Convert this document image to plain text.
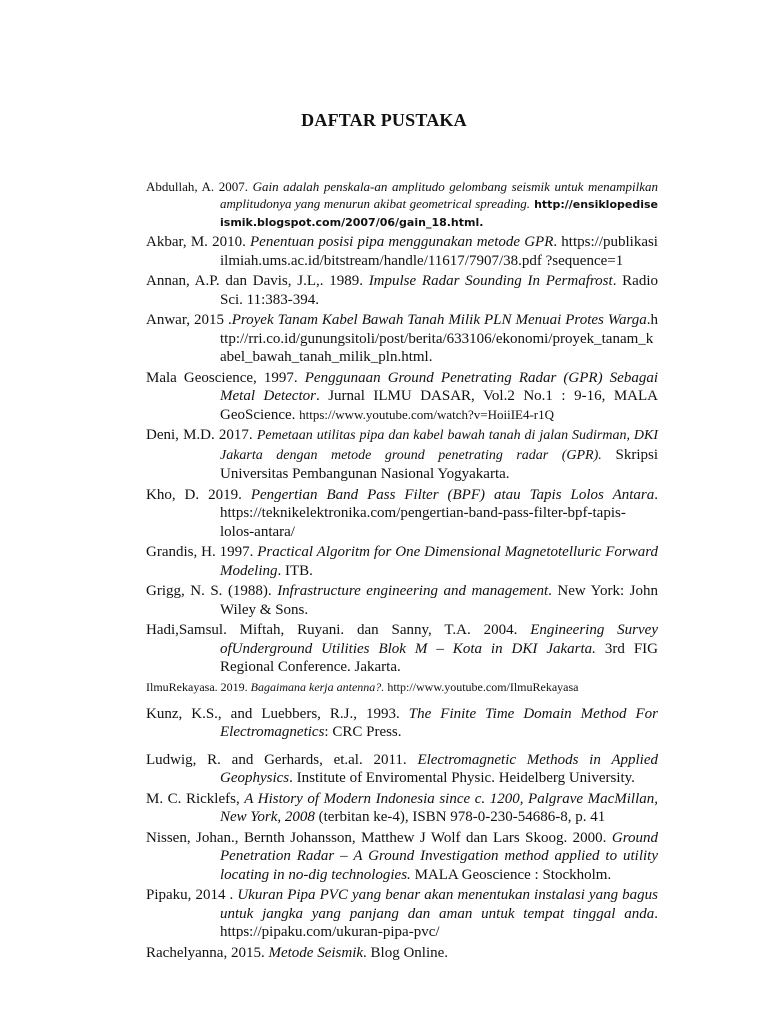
DAFTAR PUSTAKA

Abdullah, A. 2007. Gain adalah penskala-an amplitudo gelombang seismik untuk menampilkan amplitudonya yang menurun akibat geometrical spreading. http://ensiklopediseismik.blogspot.com/2007/06/gain_18.html.

Akbar, M. 2010. Penentuan posisi pipa menggunakan metode GPR. https://publikasiilmiah.ums.ac.id/bitstream/handle/11617/7907/38.pdf ?sequence=1

Annan, A.P. dan Davis, J.L,. 1989. Impulse Radar Sounding In Permafrost. Radio Sci. 11:383-394.

Anwar, 2015 .Proyek Tanam Kabel Bawah Tanah Milik PLN Menuai Protes Warga.http://rri.co.id/gunungsitoli/post/berita/633106/ekonomi/proyek_tanam_kabel_bawah_tanah_milik_pln.html.

Mala Geoscience, 1997. Penggunaan Ground Penetrating Radar (GPR) Sebagai Metal Detector. Jurnal ILMU DASAR, Vol.2 No.1 : 9-16, MALA GeoScience. https://www.youtube.com/watch?v=HoiiIE4-r1Q

Deni, M.D. 2017. Pemetaan utilitas pipa dan kabel bawah tanah di jalan Sudirman, DKI Jakarta dengan metode ground penetrating radar (GPR). Skripsi Universitas Pembangunan Nasional Yogyakarta.

Kho, D. 2019. Pengertian Band Pass Filter (BPF) atau Tapis Lolos Antara. https://teknikelektronika.com/pengertian-band-pass-filter-bpf-tapis-lolos-antara/

Grandis, H. 1997. Practical Algoritm for One Dimensional Magnetotelluric Forward Modeling. ITB.

Grigg, N. S. (1988). Infrastructure engineering and management. New York: John Wiley & Sons.

Hadi,Samsul. Miftah, Ruyani. dan Sanny, T.A. 2004. Engineering Survey ofUnderground Utilities Blok M – Kota in DKI Jakarta. 3rd FIG Regional Conference. Jakarta.

IlmuRekayasa. 2019. Bagaimana kerja antenna?. http://www.youtube.com/IlmuRekayasa

Kunz, K.S., and Luebbers, R.J., 1993. The Finite Time Domain Method For Electromagnetics: CRC Press.

Ludwig, R. and Gerhards, et.al. 2011. Electromagnetic Methods in Applied Geophysics. Institute of Enviromental Physic. Heidelberg University.

M. C. Ricklefs, A History of Modern Indonesia since c. 1200, Palgrave MacMillan, New York, 2008 (terbitan ke-4), ISBN 978-0-230-54686-8, p. 41

Nissen, Johan., Bernth Johansson, Matthew J Wolf dan Lars Skoog. 2000. Ground Penetration Radar – A Ground Investigation method applied to utility locating in no-dig technologies. MALA Geoscience : Stockholm.

Pipaku, 2014 . Ukuran Pipa PVC yang benar akan menentukan instalasi yang bagus untuk jangka yang panjang dan aman untuk tempat tinggal anda. https://pipaku.com/ukuran-pipa-pvc/

Rachelyanna, 2015. Metode Seismik. Blog Online.
